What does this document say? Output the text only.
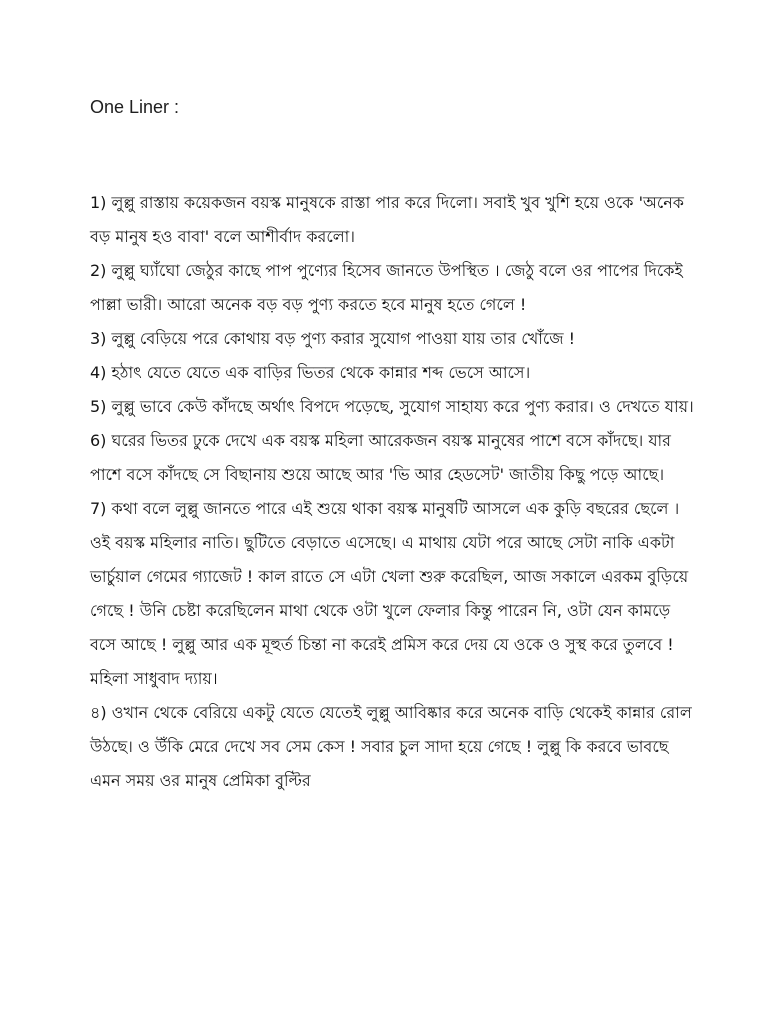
One Liner :

1) লুল্লু রাস্তায় কয়েকজন বয়স্ক মানুষকে রাস্তা পার করে দিলো। সবাই খুব খুশি হয়ে ওকে 'অনেক বড় মানুষ হও বাবা' বলে আশীর্বাদ করলো।

2) লুল্লু ঘ্যাঁঘো জেঠুর কাছে পাপ পুণ্যের হিসেব জানতে উপস্থিত । জেঠু বলে ওর পাপের দিকেই পাল্লা ভারী। আরো অনেক বড় বড় পুণ্য করতে হবে মানুষ হতে গেলে !

3) লুল্লু বেড়িয়ে পরে কোথায় বড় পুণ্য করার সুযোগ পাওয়া যায় তার খোঁজে !

4) হঠাৎ যেতে যেতে এক বাড়ির ভিতর থেকে কান্নার শব্দ ভেসে আসে।

5) লুল্লু ভাবে কেউ কাঁদছে অর্থাৎ বিপদে পড়েছে, সুযোগ সাহায্য করে পুণ্য করার। ও দেখতে যায়।

6) ঘরের ভিতর ঢুকে দেখে এক বয়স্ক মহিলা আরেকজন বয়স্ক মানুষের পাশে বসে কাঁদছে। যার পাশে বসে কাঁদছে সে বিছানায় শুয়ে আছে আর 'ভি আর হেডসেট' জাতীয় কিছু পড়ে আছে।

7) কথা বলে লুল্লু জানতে পারে এই শুয়ে থাকা বয়স্ক মানুষটি আসলে এক কুড়ি বছরের ছেলে । ওই বয়স্ক মহিলার নাতি। ছুটিতে বেড়াতে এসেছে। এ মাথায় যেটা পরে আছে সেটা নাকি একটা ভার্চুয়াল গেমের গ্যাজেট ! কাল রাতে সে এটা খেলা শুরু করেছিল, আজ সকালে এরকম বুড়িয়ে গেছে ! উনি চেষ্টা করেছিলেন মাথা থেকে ওটা খুলে ফেলার কিন্তু পারেন নি, ওটা যেন কামড়ে বসে আছে ! লুল্লু আর এক মূহুর্ত চিন্তা না করেই প্রমিস করে দেয় যে ওকে ও সুস্থ করে তুলবে ! মহিলা সাধুবাদ দ্যায়।

৪) ওখান থেকে বেরিয়ে একটু যেতে যেতেই লুল্লু আবিষ্কার করে অনেক বাড়ি থেকেই কান্নার রোল উঠছে। ও উঁকি মেরে দেখে সব সেম কেস ! সবার চুল সাদা হয়ে গেছে ! লুল্লু কি করবে ভাবছে এমন সময় ওর মানুষ প্রেমিকা বুল্টির
